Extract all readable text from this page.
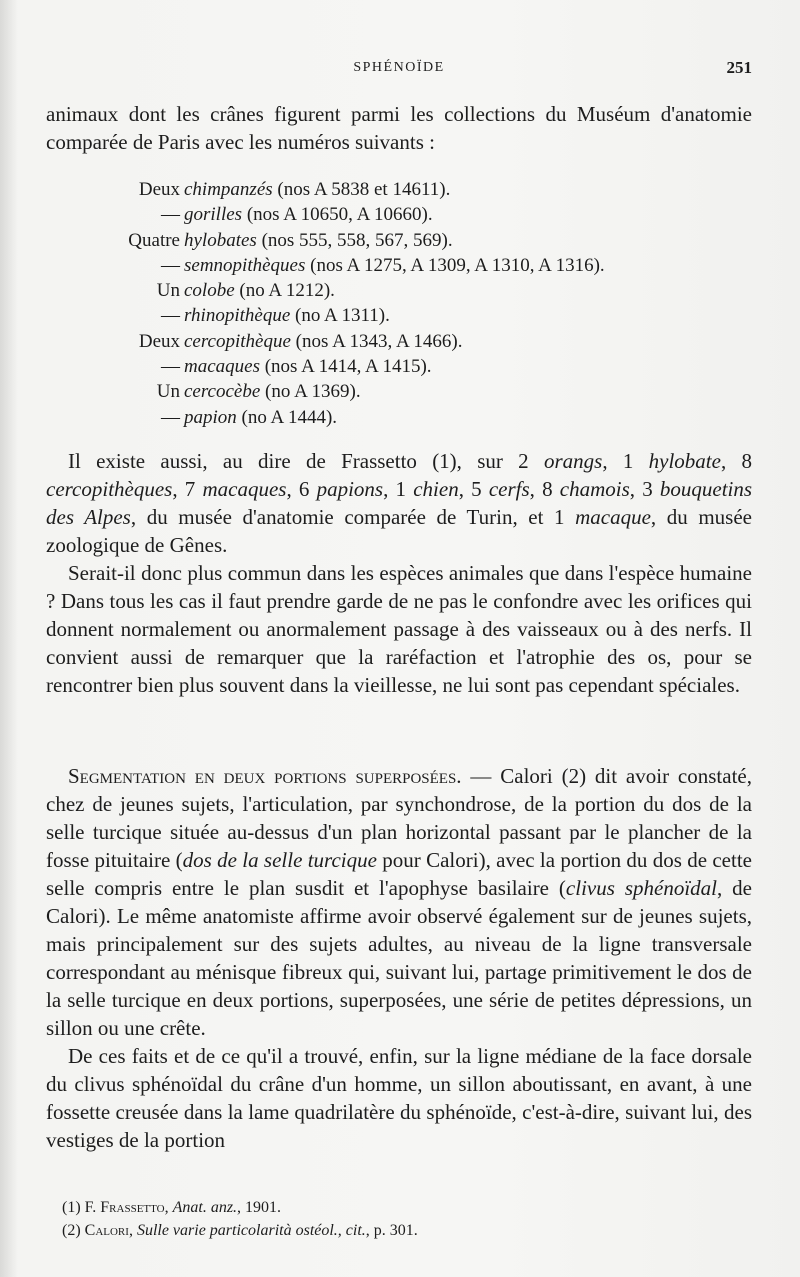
SPHÉNOÏDE	251

animaux dont les crânes figurent parmi les collections du Muséum d'anatomie comparée de Paris avec les numéros suivants :

Deux chimpanzés (nos A 5838 et 14611).
— gorilles (nos A 10650, A 10660).
Quatre hylobates (nos 555, 558, 567, 569).
— semnopithèques (nos A 1275, A 1309, A 1310, A 1316).
Un colobe (no A 1212).
— rhinopithèque (no A 1311).
Deux cercopithèque (nos A 1343, A 1466).
— macaques (nos A 1414, A 1415).
Un cercocèbe (no A 1369).
— papion (no A 1444).

Il existe aussi, au dire de Frassetto (1), sur 2 orangs, 1 hylobate, 8 cercopithèques, 7 macaques, 6 papions, 1 chien, 5 cerfs, 8 chamois, 3 bouquetins des Alpes, du musée d'anatomie comparée de Turin, et 1 macaque, du musée zoologique de Gênes.

Serait-il donc plus commun dans les espèces animales que dans l'espèce humaine ? Dans tous les cas il faut prendre garde de ne pas le confondre avec les orifices qui donnent normalement ou anormalement passage à des vaisseaux ou à des nerfs. Il convient aussi de remarquer que la raréfaction et l'atrophie des os, pour se rencontrer bien plus souvent dans la vieillesse, ne lui sont pas cependant spéciales.

Segmentation en deux portions superposées. — Calori (2) dit avoir constaté, chez de jeunes sujets, l'articulation, par synchondrose, de la portion du dos de la selle turcique située au-dessus d'un plan horizontal passant par le plancher de la fosse pituitaire (dos de la selle turcique pour Calori), avec la portion du dos de cette selle compris entre le plan susdit et l'apophyse basilaire (clivus sphénoïdal, de Calori). Le même anatomiste affirme avoir observé également sur de jeunes sujets, mais principalement sur des sujets adultes, au niveau de la ligne transversale correspondant au ménisque fibreux qui, suivant lui, partage primitivement le dos de la selle turcique en deux portions, superposées, une série de petites dépressions, un sillon ou une crête.

De ces faits et de ce qu'il a trouvé, enfin, sur la ligne médiane de la face dorsale du clivus sphénoïdal du crâne d'un homme, un sillon aboutissant, en avant, à une fossette creusée dans la lame quadrilatère du sphénoïde, c'est-à-dire, suivant lui, des vestiges de la portion

(1) F. Frassetto, Anat. anz., 1901.

(2) Calori, Sulle varie particolarità ostéol., cit., p. 301.
